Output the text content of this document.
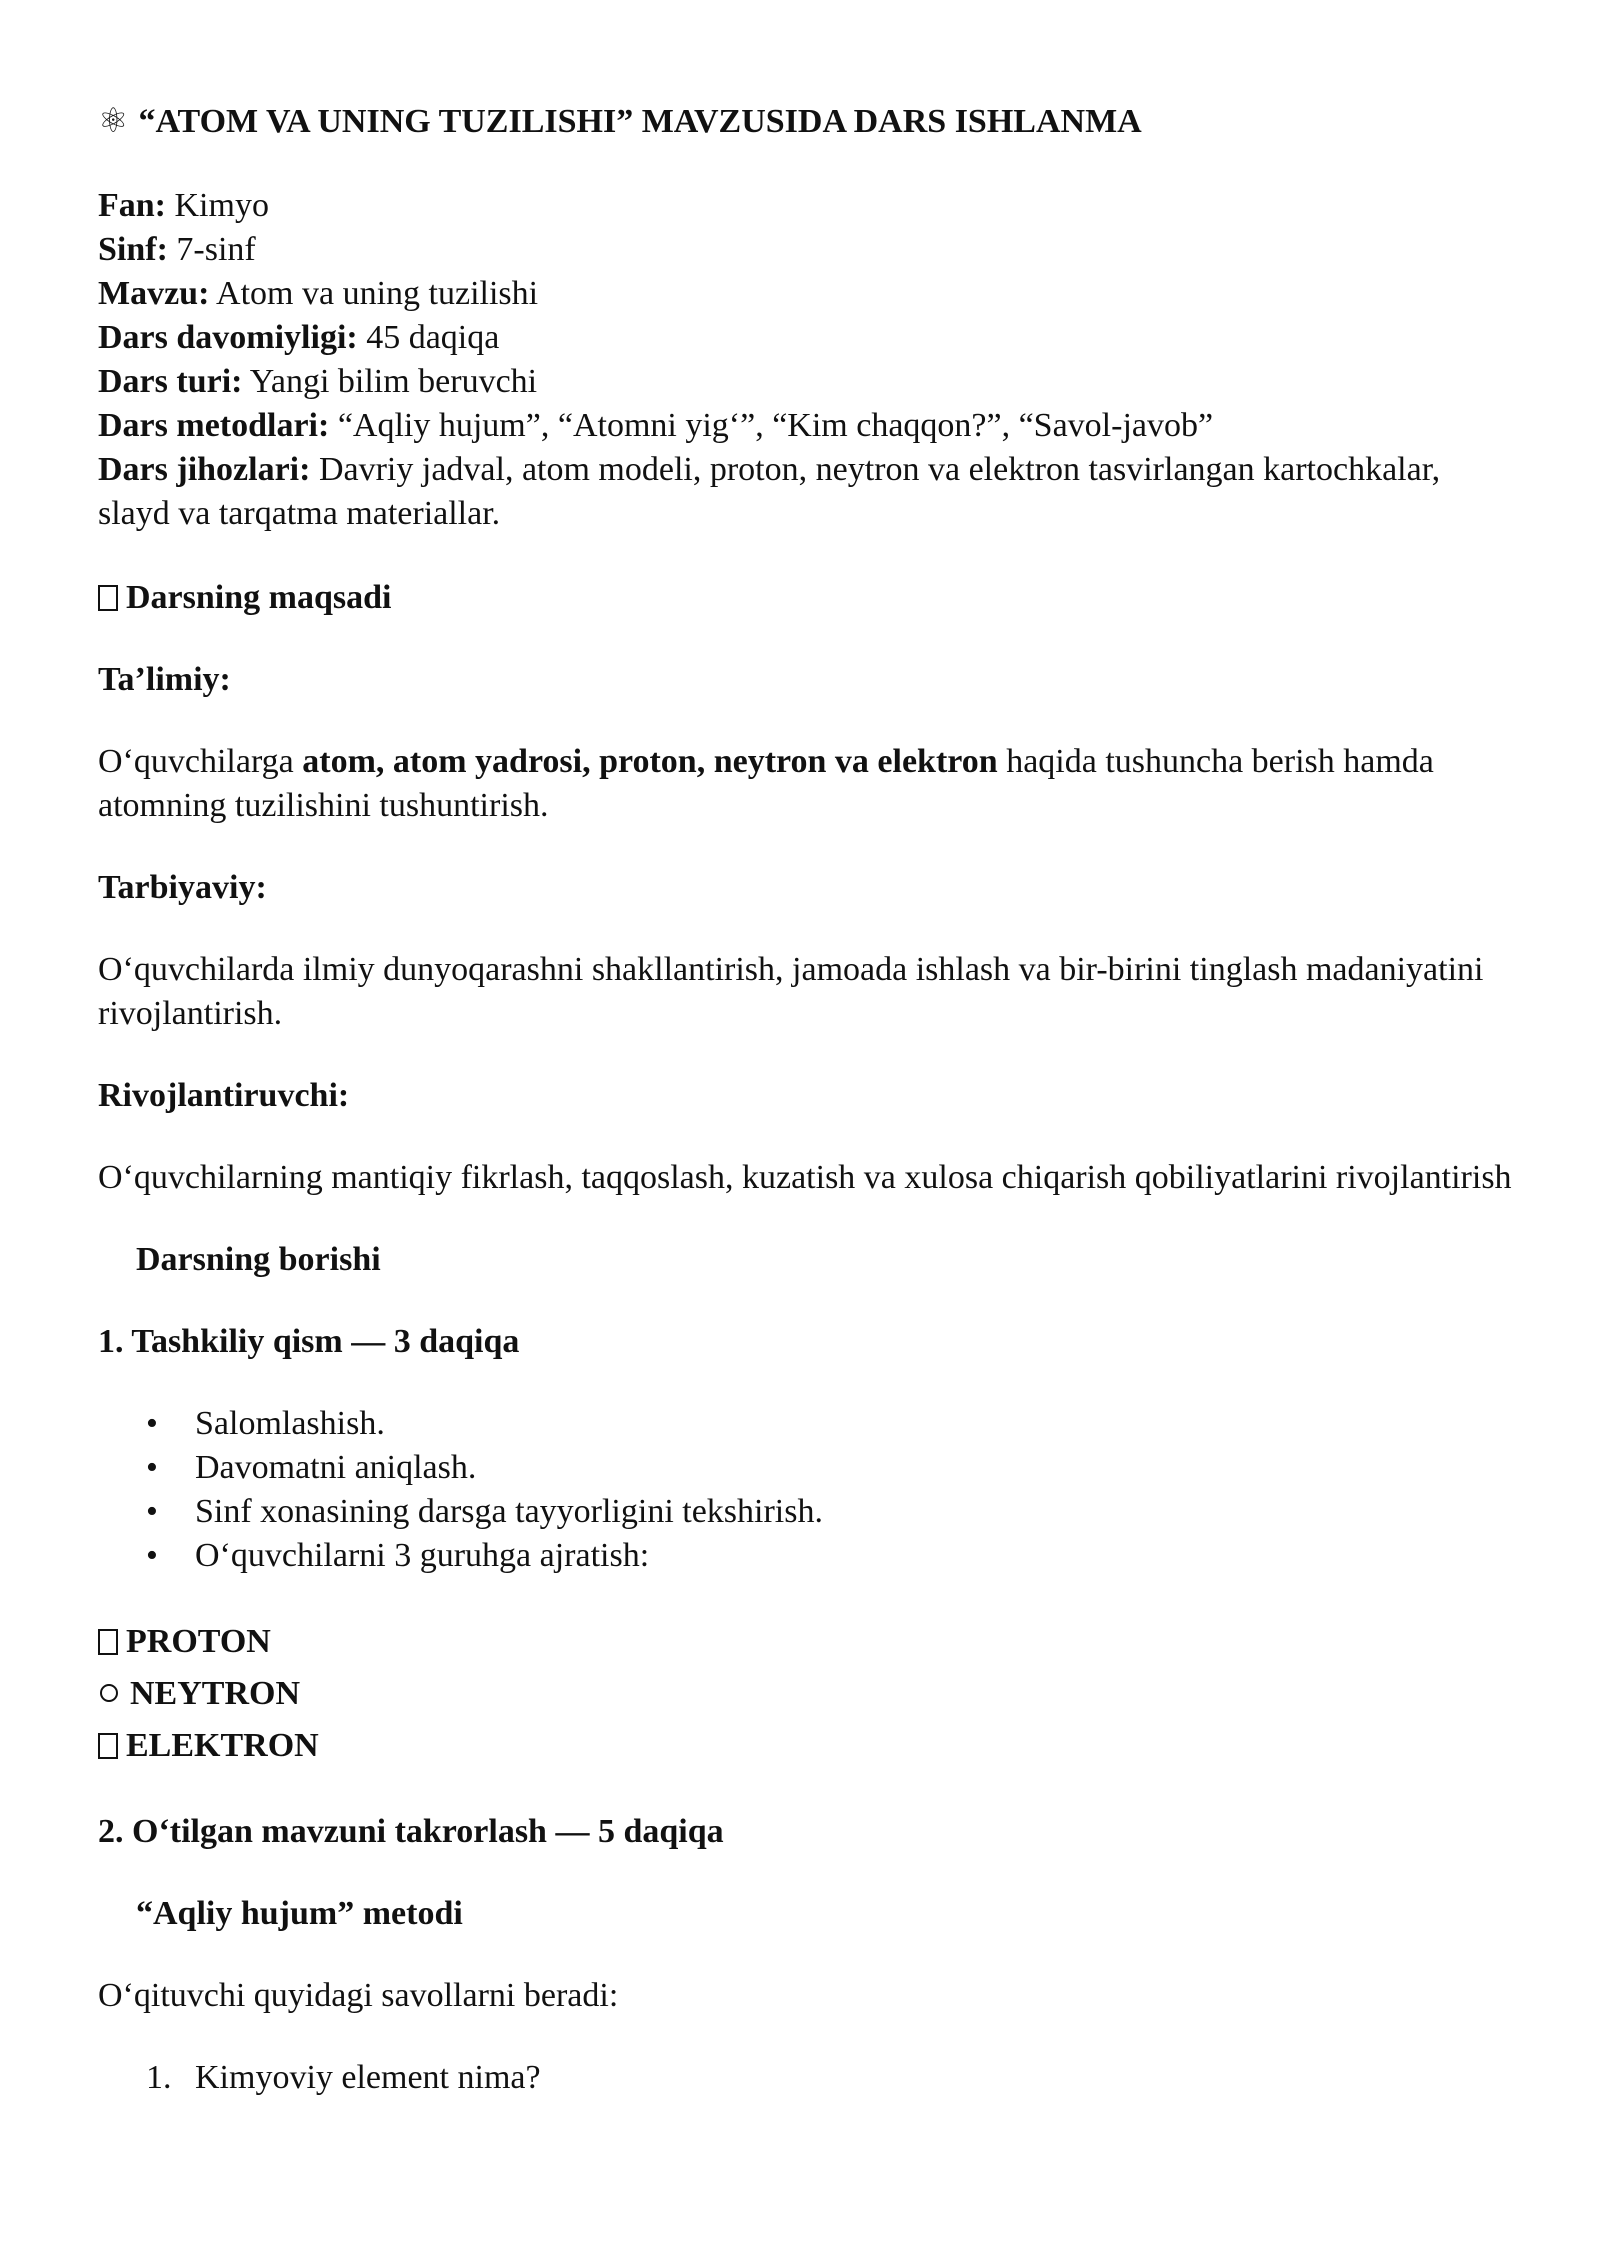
⚛ “ATOM VA UNING TUZILISHI” MAVZUSIDA DARS ISHLANMA

Fan: Kimyo

Sinf: 7-sinf

Mavzu: Atom va uning tuzilishi

Dars davomiyligi: 45 daqiqa

Dars turi: Yangi bilim beruvchi

Dars metodlari: “Aqliy hujum”, “Atomni yig‘”, “Kim chaqqon?”, “Savol-javob”

Dars jihozlari: Davriy jadval, atom modeli, proton, neytron va elektron tasvirlangan kartochkalar, slayd va tarqatma materiallar.

Darsning maqsadi
Ta’limiy:

O‘quvchilarga atom, atom yadrosi, proton, neytron va elektron haqida tushuncha berish hamda atomning tuzilishini tushuntirish.

Tarbiyaviy:

O‘quvchilarda ilmiy dunyoqarashni shakllantirish, jamoada ishlash va bir-birini tinglash madaniyatini rivojlantirish.

Rivojlantiruvchi:

O‘quvchilarning mantiqiy fikrlash, taqqoslash, kuzatish va xulosa chiqarish qobiliyatlarini rivojlantirish

Darsning borishi
1. Tashkiliy qism — 3 daqiqa
• Salomlashish.
• Davomatni aniqlash.
• Sinf xonasining darsga tayyorligini tekshirish.
• O‘quvchilarni 3 guruhga ajratish:
PROTON
NEYTRON
ELEKTRON
2. O‘tilgan mavzuni takrorlash — 5 daqiqa
“Aqliy hujum” metodi

O‘qituvchi quyidagi savollarni beradi:

1. Kimyoviy element nima?
